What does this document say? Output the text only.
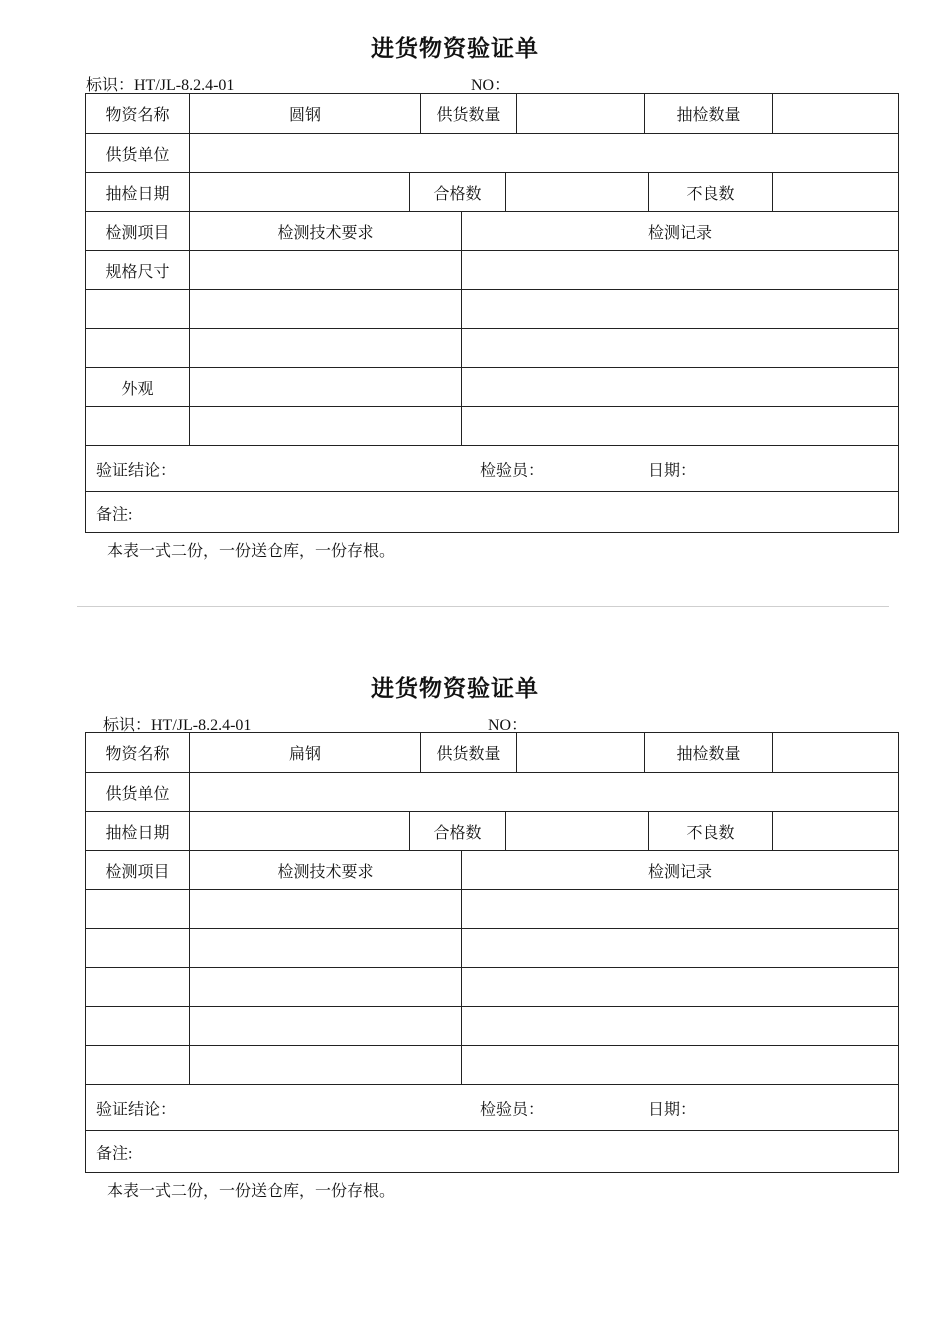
进货物资验证单
标识：HT/JL-8.2.4-01	NO：
物资名称	圆钢	供货数量	抽检数量
供货单位
抽检日期	合格数	不良数
检测项目	检测技术要求	检测记录
规格尺寸
外观
验证结论：	检验员：	日期：
备注:
本表一式二份，一份送仓库，一份存根。
进货物资验证单
标识：HT/JL-8.2.4-01	NO：
物资名称	扁钢	供货数量	抽检数量
供货单位
抽检日期	合格数	不良数
检测项目	检测技术要求	检测记录
验证结论：	检验员：	日期：
备注:
本表一式二份，一份送仓库，一份存根。
